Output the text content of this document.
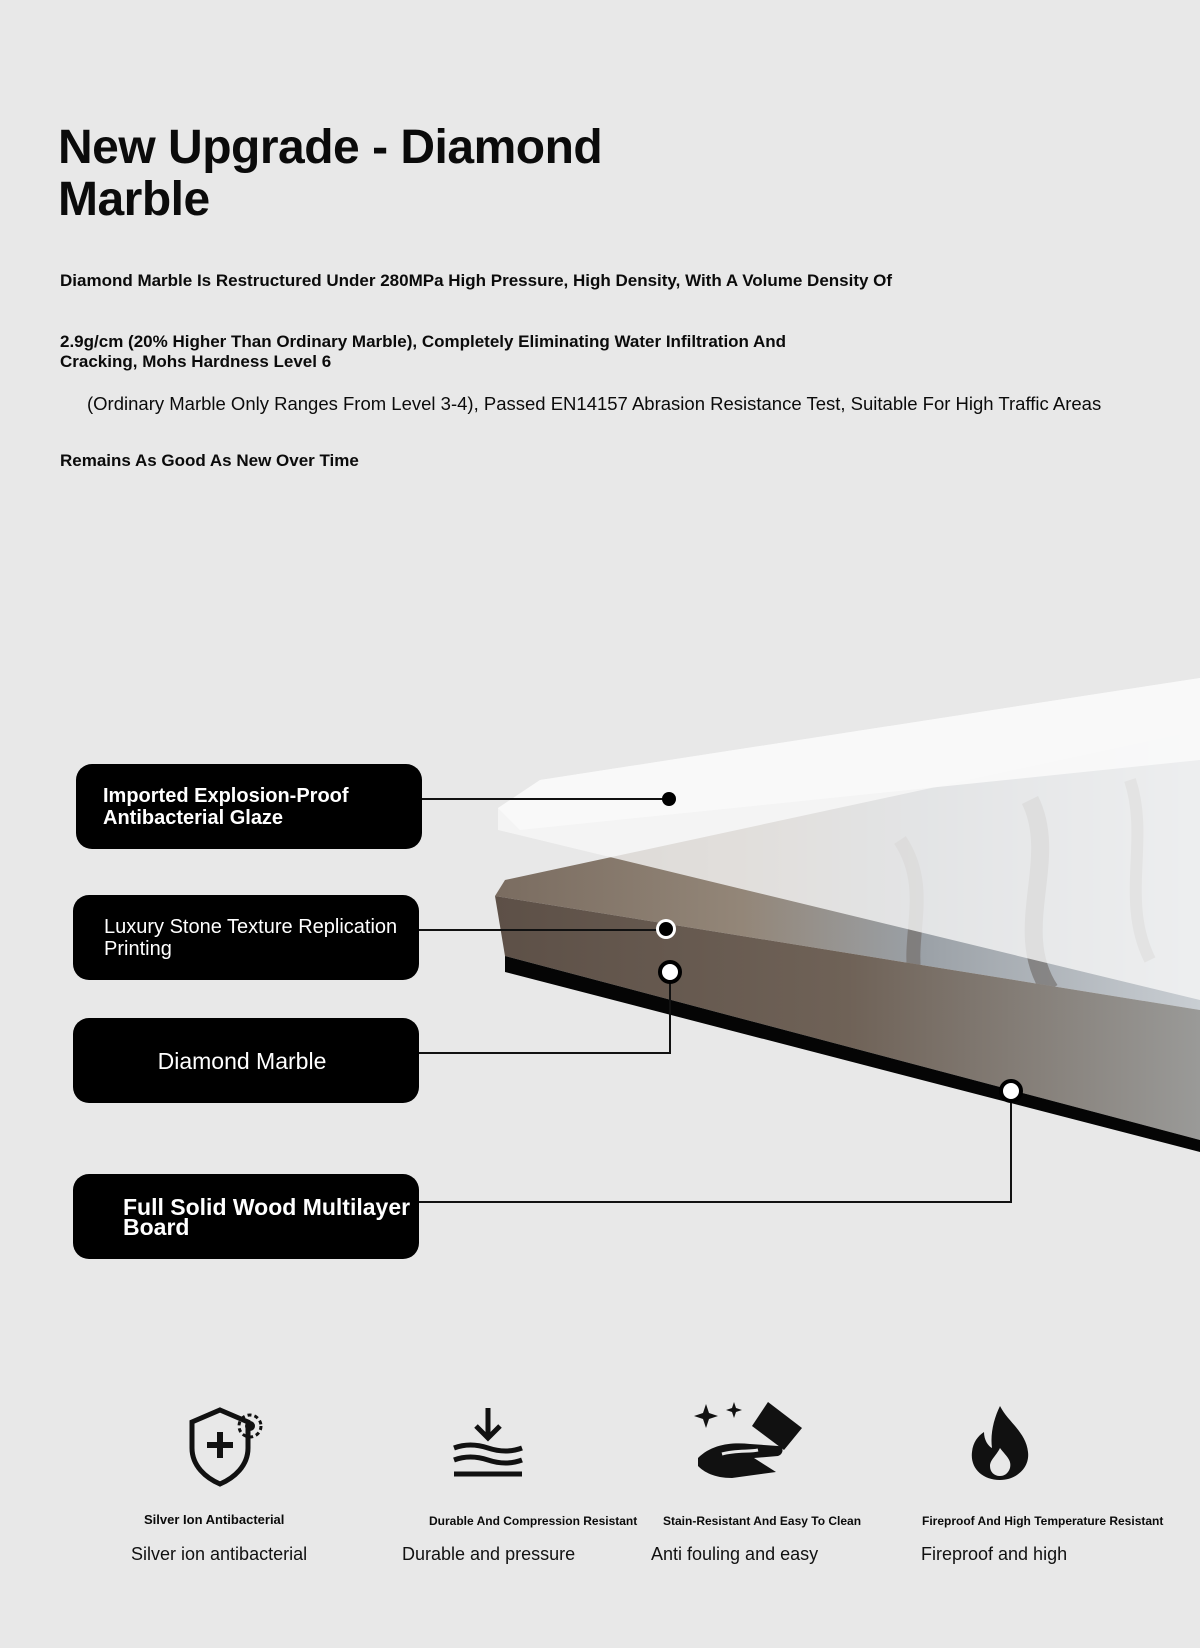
New Upgrade - Diamond Marble
Diamond Marble Is Restructured Under 280MPa High Pressure, High Density, With A Volume Density Of
2.9g/cm (20% Higher Than Ordinary Marble), Completely Eliminating Water Infiltration And Cracking, Mohs Hardness Level 6
(Ordinary Marble Only Ranges From Level 3-4), Passed EN14157 Abrasion Resistance Test, Suitable For High Traffic Areas
Remains As Good As New Over Time
Imported Explosion-Proof Antibacterial Glaze
Luxury Stone Texture Replication Printing
Diamond Marble
Full Solid Wood Multilayer Board
Silver Ion Antibacterial
Silver ion antibacterial
Durable And Compression Resistant
Durable and pressure
Stain-Resistant And Easy To Clean
Anti fouling and easy
Fireproof And High Temperature Resistant
Fireproof and high
